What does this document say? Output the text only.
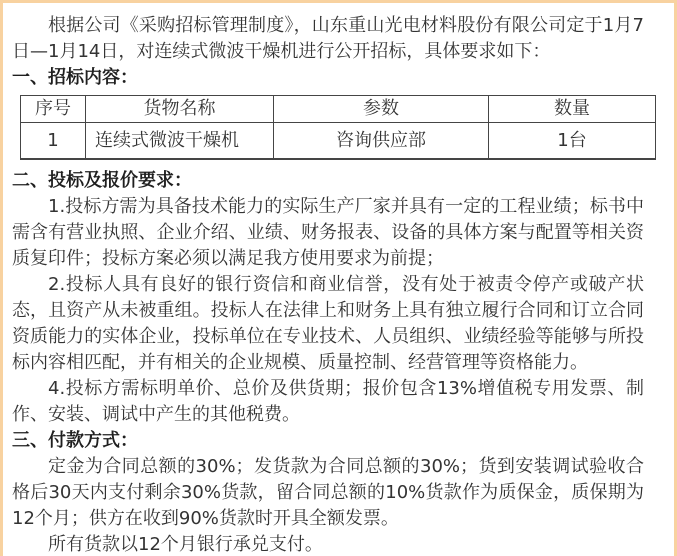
根据公司《采购招标管理制度》，山东重山光电材料股份有限公司定于1月7日—1月14日，对连续式微波干燥机进行公开招标，具体要求如下：

一、招标内容：
序号	货物名称	参数	数量
1	连续式微波干燥机	咨询供应部	1台
二、投标及报价要求：

1.投标方需为具备技术能力的实际生产厂家并具有一定的工程业绩；标书中需含有营业执照、企业介绍、业绩、财务报表、设备的具体方案与配置等相关资质复印件；投标方案必须以满足我方使用要求为前提；

2.投标人具有良好的银行资信和商业信誉，没有处于被责令停产或破产状态，且资产从未被重组。投标人在法律上和财务上具有独立履行合同和订立合同资质能力的实体企业，投标单位在专业技术、人员组织、业绩经验等能够与所投标内容相匹配，并有相关的企业规模、质量控制、经营管理等资格能力。

4.投标方需标明单价、总价及供货期；报价包含13%增值税专用发票、制作、安装、调试中产生的其他税费。

三、付款方式：

定金为合同总额的30%；发货款为合同总额的30%；货到安装调试验收合格后30天内支付剩余30%货款，留合同总额的10%货款作为质保金，质保期为12个月；供方在收到90%货款时开具全额发票。

所有货款以12个月银行承兑支付。
